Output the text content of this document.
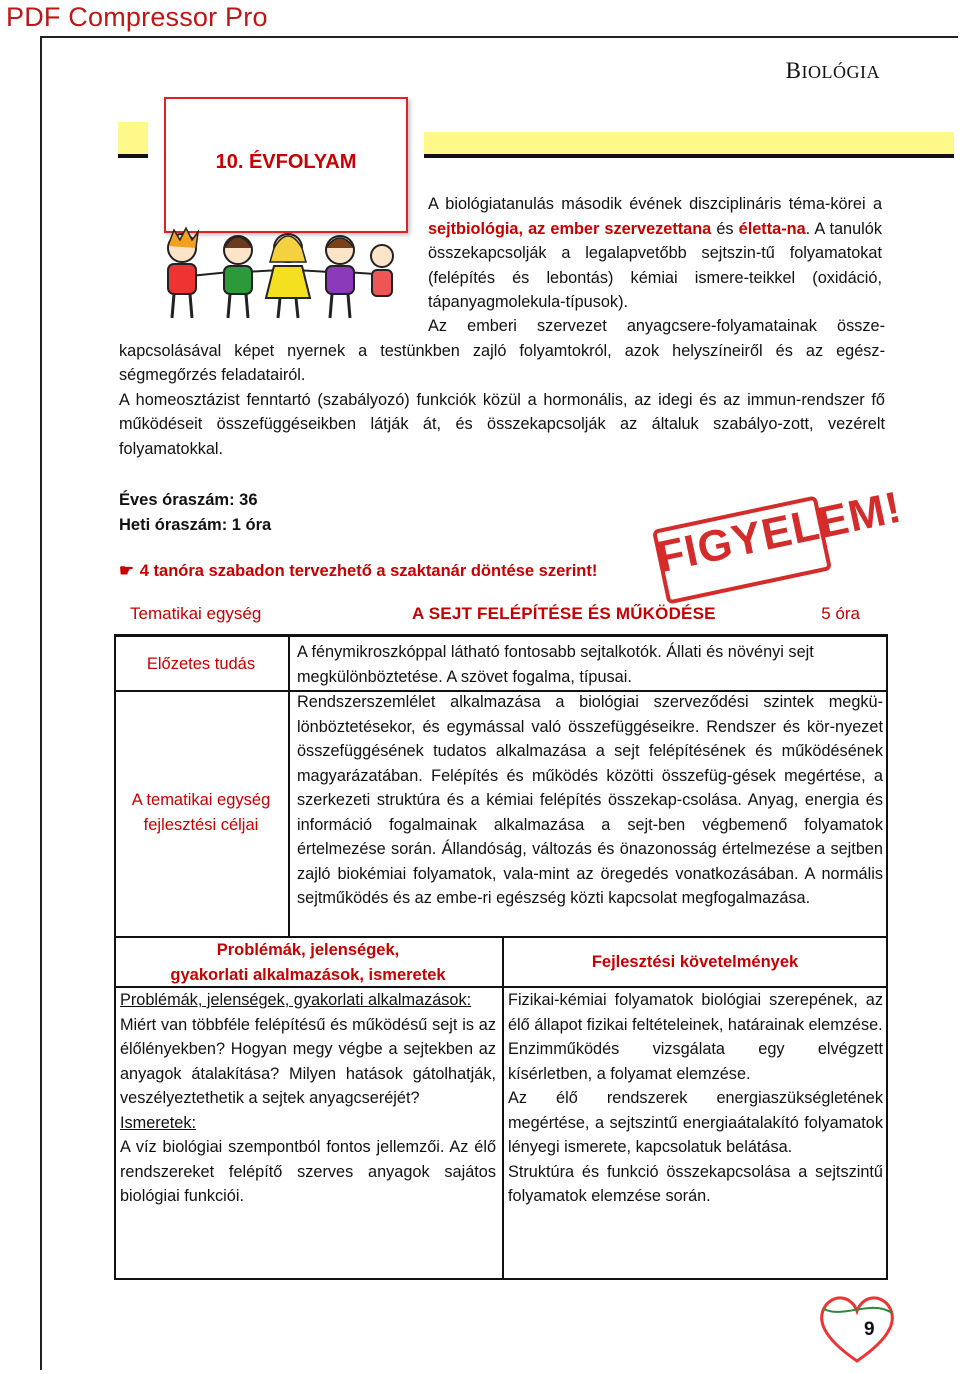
PDF Compressor Pro
BIOLÓGIA
10. ÉVFOLYAM
A biológiatanulás második évének diszciplináris téma-körei a sejtbiológia, az ember szervezettana és életta-na. A tanulók összekapcsolják a legalapvetőbb sejtszin-tű folyamatokat (felépítés és lebontás) kémiai ismere-teikkel (oxidáció, tápanyagmolekula-típusok).

Az emberi szervezet anyagcsere-folyamatainak össze-kapcsolásával képet nyernek a testünkben zajló folyamtokról, azok helyszíneiről és az egész-ségmegőrzés feladatairól.

A homeosztázist fenntartó (szabályozó) funkciók közül a hormonális, az idegi és az immun-rendszer fő működéseit összefüggéseikben látják át, és összekapcsolják az általuk szabályo-zott, vezérelt folyamatokkal.

Éves óraszám: 36
Heti óraszám: 1 óra
☛ 4 tanóra szabadon tervezhető a szaktanár döntése szerint! FIGYELEM!
Tematikai egység	A SEJT FELÉPÍTÉSE ÉS MŰKÖDÉSE	5 óra
Előzetes tudás
A fénymikroszkóppal látható fontosabb sejtalkotók. Állati és növényi sejt megkülönböztetése. A szövet fogalma, típusai.
A tematikai egység
fejlesztési céljai
Rendszerszemlélet alkalmazása a biológiai szerveződési szintek megkü-lönböztetésekor, és egymással való összefüggéseikre. Rendszer és kör-nyezet összefüggésének tudatos alkalmazása a sejt felépítésének és működésének magyarázatában. Felépítés és működés közötti összefüg-gések megértése, a szerkezeti struktúra és a kémiai felépítés összekap-csolása. Anyag, energia és információ fogalmainak alkalmazása a sejt-ben végbemenő folyamatok értelmezése során. Állandóság, változás és önazonosság értelmezése a sejtben zajló biokémiai folyamatok, vala-mint az öregedés vonatkozásában. A normális sejtműködés és az embe-ri egészség közti kapcsolat megfogalmazása.
Problémák, jelenségek,
gyakorlati alkalmazások, ismeretek
Fejlesztési követelmények
Problémák, jelenségek, gyakorlati alkalmazások:
Miért van többféle felépítésű és működésű sejt is az élőlényekben? Hogyan megy végbe a sejtekben az anyagok átalakítása? Milyen hatások gátolhatják, veszélyeztethetik a sejtek anyagcseréjét?
Ismeretek:
A víz biológiai szempontból fontos jellemzői. Az élő rendszereket felépítő szerves anyagok sajátos biológiai funkciói.
Fizikai-kémiai folyamatok biológiai szerepének, az élő állapot fizikai feltételeinek, határainak elemzése.
Enzimműködés vizsgálata egy elvégzett kísérletben, a folyamat elemzése.
Az élő rendszerek energiaszükségletének megértése, a sejtszintű energiaátalakító folyamatok lényegi ismerete, kapcsolatuk belátása.
Struktúra és funkció összekapcsolása a sejtszintű folyamatok elemzése során.
9
